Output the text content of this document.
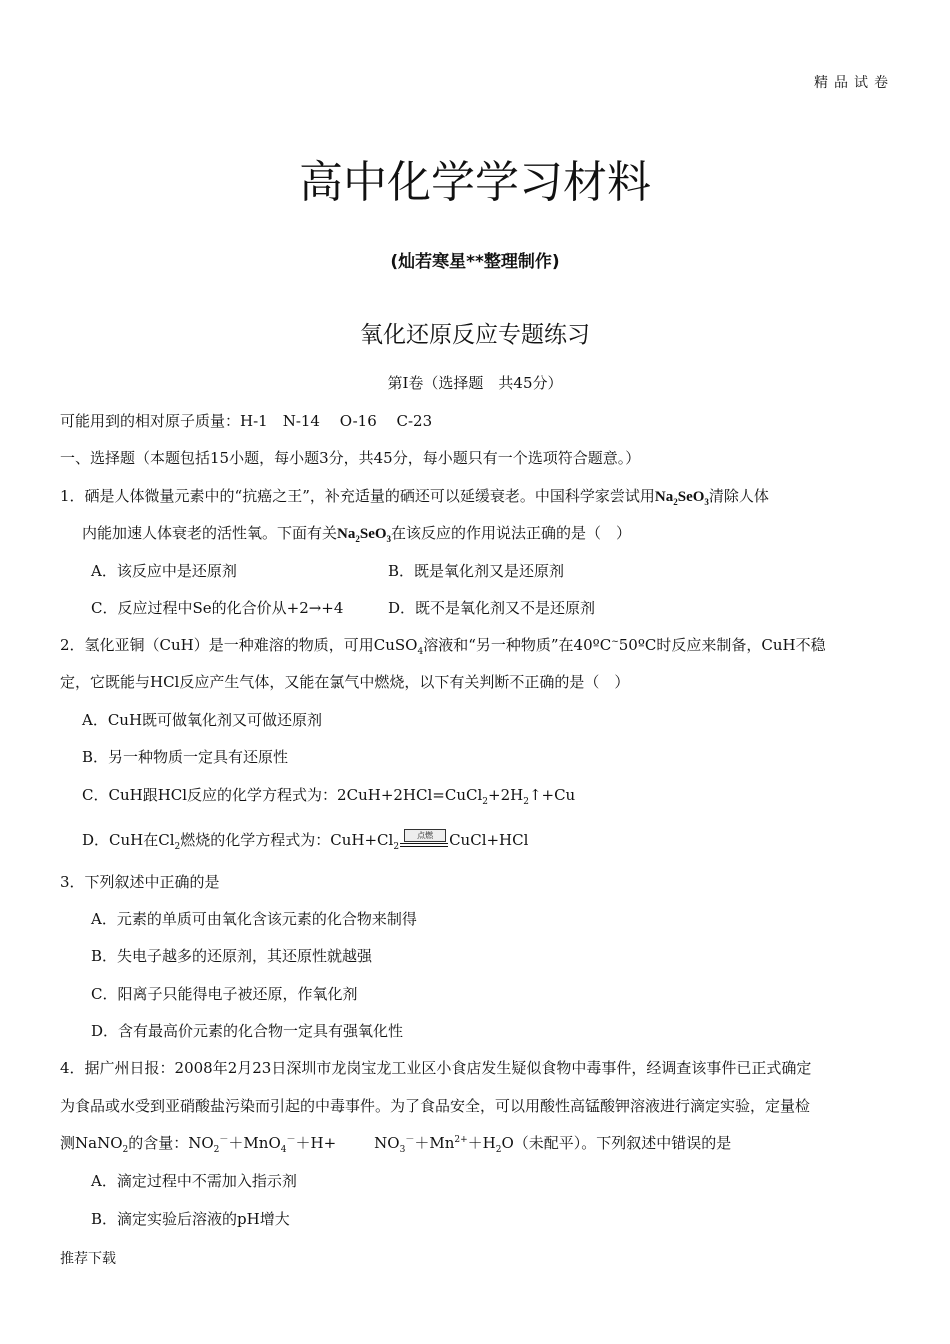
精品试卷
高中化学学习材料
(灿若寒星**整理制作)
氧化还原反应专题练习
第Ⅰ卷（选择题　共45分）
可能用到的相对原子质量：H-1　N-14　 O-16　 C-23
一、选择题（本题包括15小题，每小题3分，共45分，每小题只有一个选项符合题意。）
1．硒是人体微量元素中的“抗癌之王”，补充适量的硒还可以延缓衰老。中国科学家尝试用$Na_2SeO_3$清除人体
内能加速人体衰老的活性氧。下面有关$Na_2SeO_3$在该反应的作用说法正确的是（　）
A．该反应中是还原剂	B．既是氧化剂又是还原剂
C．反应过程中Se的化合价从+2→+4	D．既不是氧化剂又不是还原剂
2．氢化亚铜（CuH）是一种难溶的物质，可用CuSO$_4$溶液和“另一种物质”在40ºC~50ºC时反应来制备，CuH不稳
定，它既能与HCl反应产生气体，又能在氯气中燃烧，以下有关判断不正确的是（　）
A．CuH既可做氧化剂又可做还原剂
B．另一种物质一定具有还原性
C．CuH跟HCl反应的化学方程式为：$2CuH+2HCl=CuCl_2+2H_2↑+Cu$
D．CuH在$Cl_2$燃烧的化学方程式为：$CuH+Cl_2$
点燃	CuCl+HCl
3．下列叙述中正确的是
A．元素的单质可由氧化含该元素的化合物来制得
B．失电子越多的还原剂，其还原性就越强
C．阳离子只能得电子被还原，作氧化剂
D．含有最高价元素的化合物一定具有强氧化性
4．据广州日报：2008年2月23日深圳市龙岗宝龙工业区小食店发生疑似食物中毒事件，经调查该事件已正式确定
为食品或水受到亚硝酸盐污染而引起的中毒事件。为了食品安全，可以用酸性高锰酸钾溶液进行滴定实验，定量检
测NaNO$_2$的含量：$NO_2^-+MnO_4^-+H+$	$NO_3^-+Mn^{2+}+H_2O$（未配平）。下列叙述中错误的是
A．滴定过程中不需加入指示剂
B．滴定实验后溶液的pH增大
推荐下载
